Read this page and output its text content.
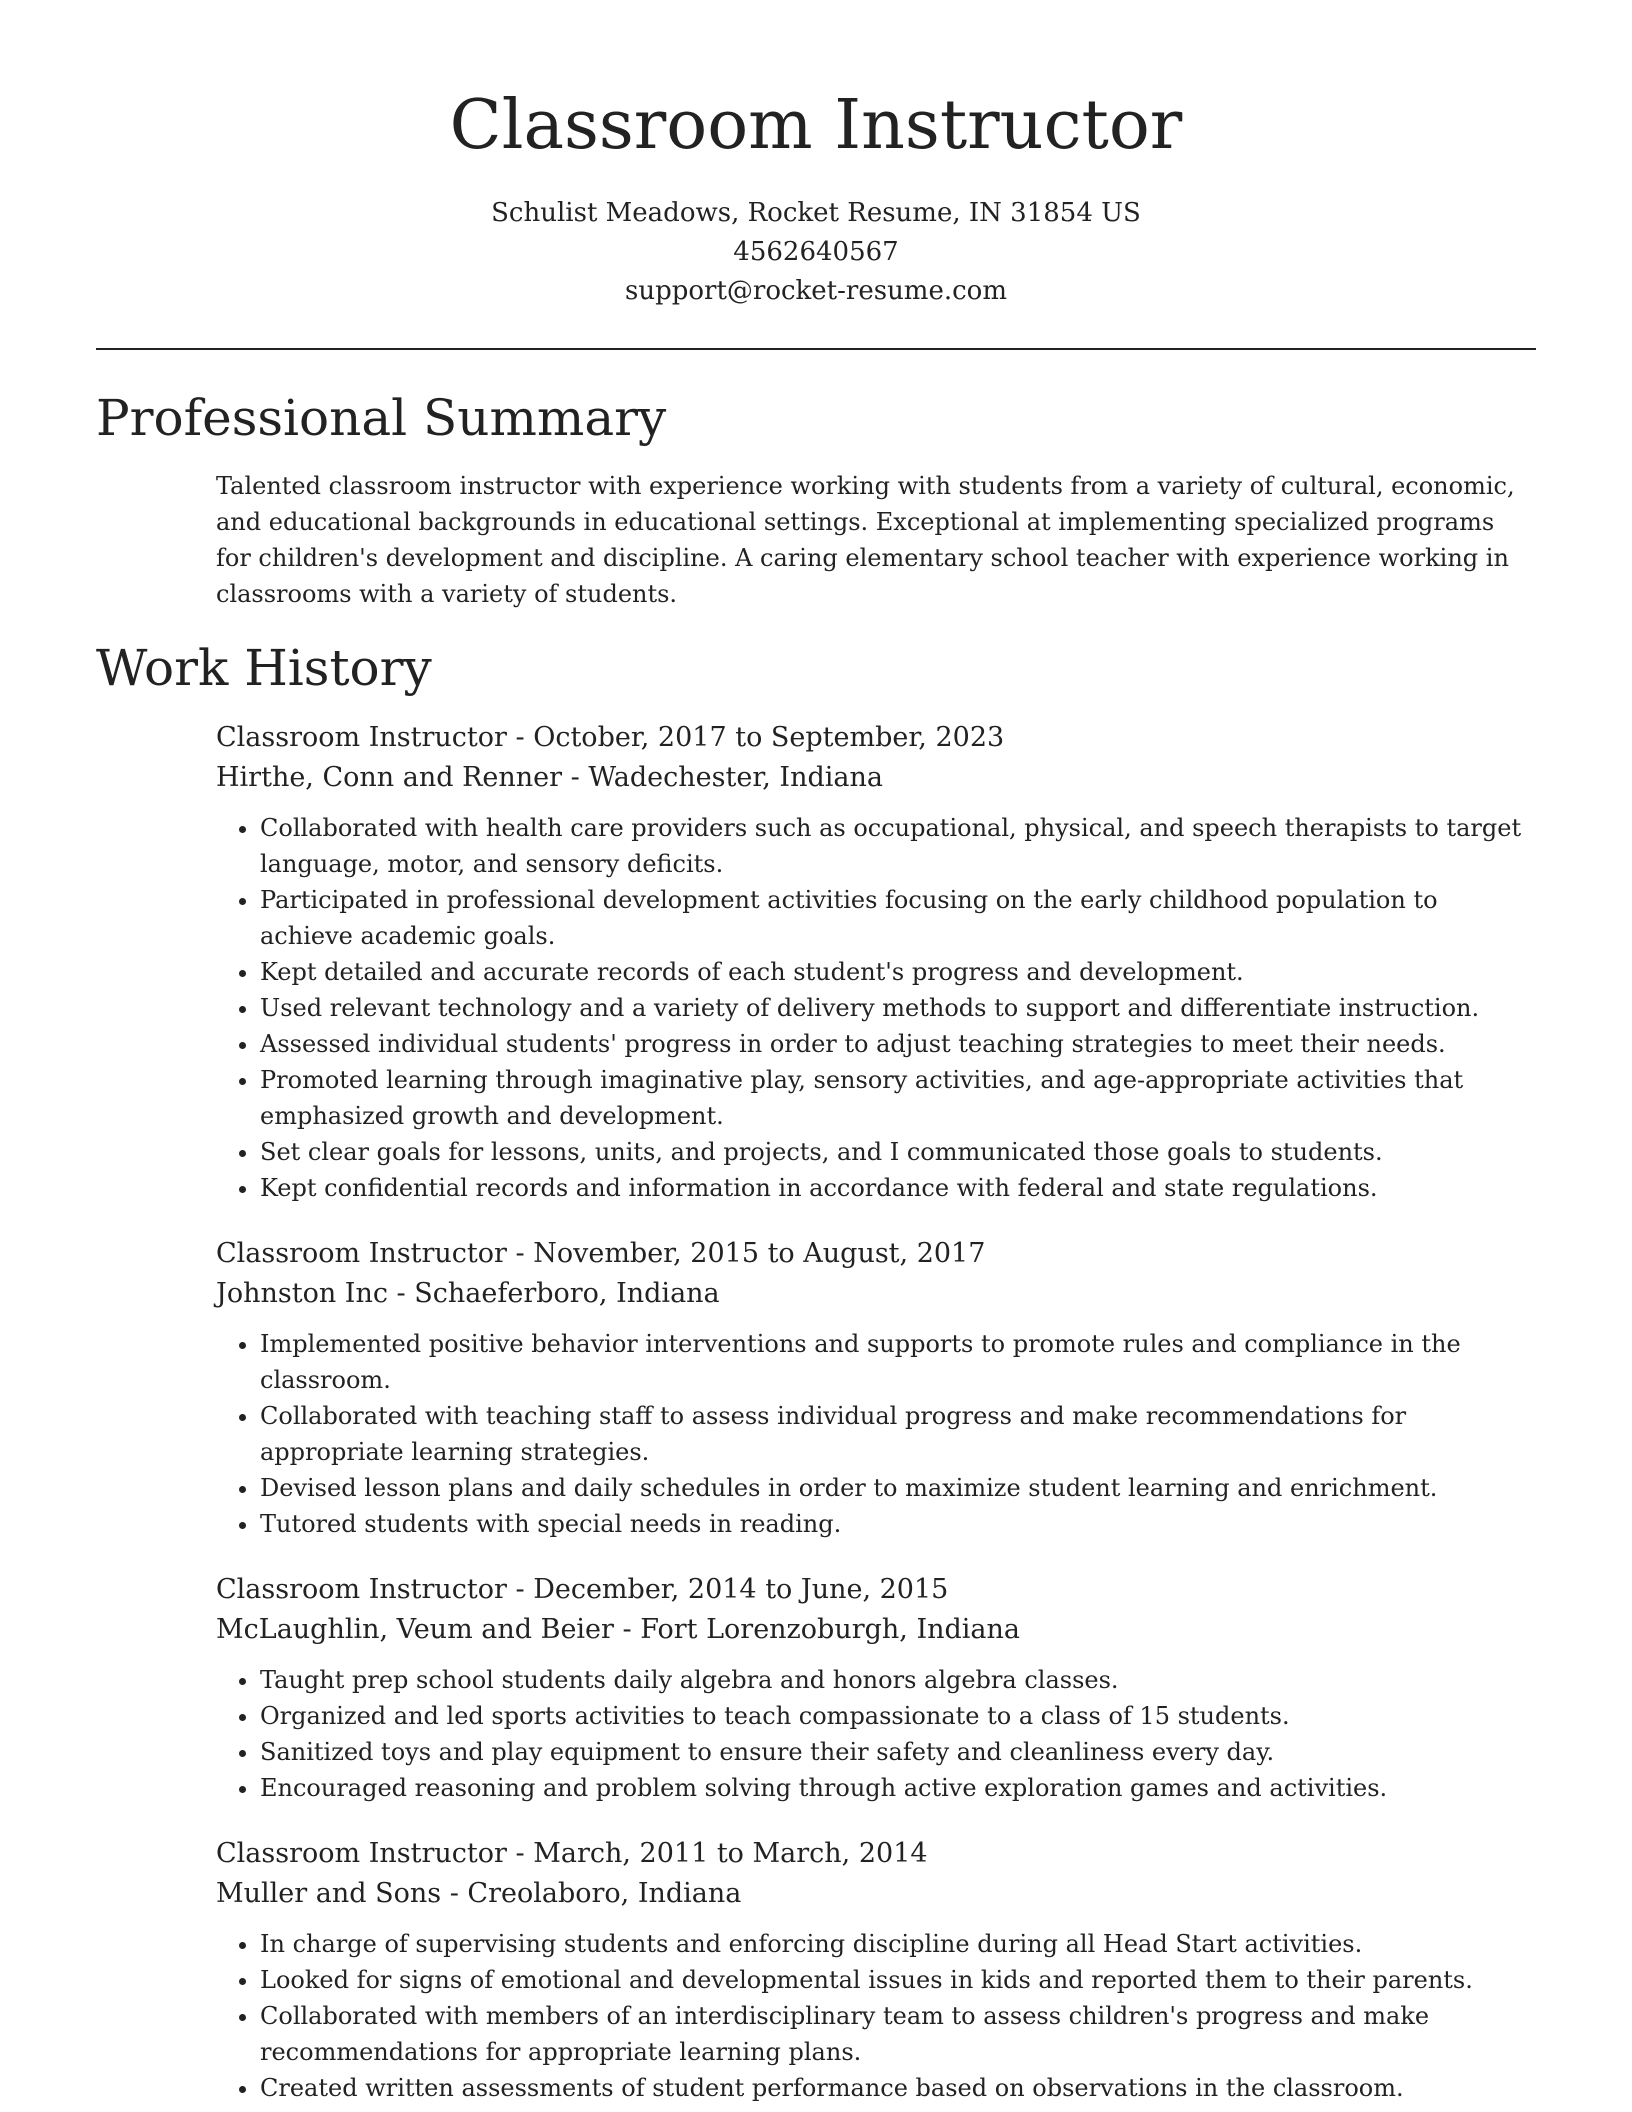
Classroom Instructor
Schulist Meadows, Rocket Resume, IN 31854 US
4562640567
support@rocket-resume.com
Professional Summary

Talented classroom instructor with experience working with students from a variety of cultural, economic, and educational backgrounds in educational settings. Exceptional at implementing specialized programs for children's development and discipline. A caring elementary school teacher with experience working in classrooms with a variety of students.

Work History
Classroom Instructor - October, 2017 to September, 2023
Hirthe, Conn and Renner - Wadechester, Indiana
• Collaborated with health care providers such as occupational, physical, and speech therapists to target language, motor, and sensory deficits.
• Participated in professional development activities focusing on the early childhood population to achieve academic goals.
• Kept detailed and accurate records of each student's progress and development.
• Used relevant technology and a variety of delivery methods to support and differentiate instruction.
• Assessed individual students' progress in order to adjust teaching strategies to meet their needs.
• Promoted learning through imaginative play, sensory activities, and age-appropriate activities that emphasized growth and development.
• Set clear goals for lessons, units, and projects, and I communicated those goals to students.
• Kept confidential records and information in accordance with federal and state regulations.
Classroom Instructor - November, 2015 to August, 2017
Johnston Inc - Schaeferboro, Indiana
• Implemented positive behavior interventions and supports to promote rules and compliance in the classroom.
• Collaborated with teaching staff to assess individual progress and make recommendations for appropriate learning strategies.
• Devised lesson plans and daily schedules in order to maximize student learning and enrichment.
• Tutored students with special needs in reading.
Classroom Instructor - December, 2014 to June, 2015
McLaughlin, Veum and Beier - Fort Lorenzoburgh, Indiana
• Taught prep school students daily algebra and honors algebra classes.
• Organized and led sports activities to teach compassionate to a class of 15 students.
• Sanitized toys and play equipment to ensure their safety and cleanliness every day.
• Encouraged reasoning and problem solving through active exploration games and activities.
Classroom Instructor - March, 2011 to March, 2014
Muller and Sons - Creolaboro, Indiana
• In charge of supervising students and enforcing discipline during all Head Start activities.
• Looked for signs of emotional and developmental issues in kids and reported them to their parents.
• Collaborated with members of an interdisciplinary team to assess children's progress and make recommendations for appropriate learning plans.
• Created written assessments of student performance based on observations in the classroom.
